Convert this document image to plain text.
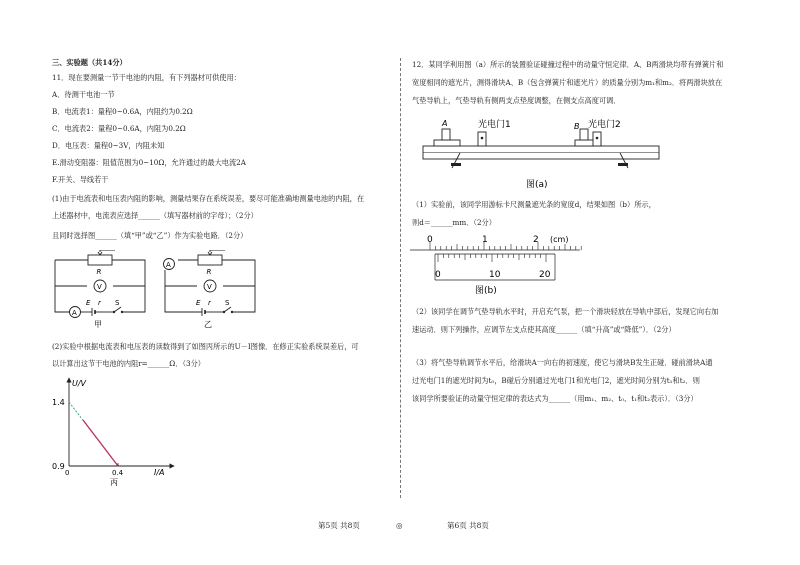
三、实验题（共14分）
11．现在要测量一节干电池的内阻，有下列器材可供使用：
A．待测干电池一节
B．电流表1：量程0~0.6A，内阻约为0.2Ω
C．电流表2：量程0~0.6A，内阻为0.2Ω
D．电压表：量程0~3V，内阻未知
E.滑动变阻器：阻值范围为0~10Ω，允许通过的最大电流2A
F.开关、导线若干
(1)由于电流表和电压表内阻的影响，测量结果存在系统误差，要尽可能准确地测量电池的内阻，在
上述器材中，电流表应选择______（填写器材前的字母）；（2分）
且同时选择图______（填“甲”或“乙”）作为实验电路．（2分）
R
V
A
E r S
甲
A
R
V
E r S
乙
(2)实验中根据电流表和电压表的读数得到了如图丙所示的U－I图像．在修正实验系统误差后，可
以计算出这节干电池的内阻r=______Ω．（3分）
U/V
1.4
0.9
0	0.4	I/A
丙
12．某同学利用图（a）所示的装置验证碰撞过程中的动量守恒定律．A、B两滑块均带有弹簧片和
宽度相同的遮光片，测得滑块A、B（包含弹簧片和遮光片）的质量分别为m₁和m₂．将两滑块放在
气垫导轨上，气垫导轨有侧两支点垫度调整，在侧支点高度可调．
A	B
光电门1	光电门2
图(a)
（1）实验前，该同学用游标卡尺测量遮光条的宽度d，结果如图（b）所示，
则d＝______mm．（2分）
0	1	2 (cm)
0	10	20
图(b)
（2）该同学在调节气垫导轨水平时，开启充气泵，把一个滑块轻放在导轨中部后，发现它向右加
速运动．则下列操作，应调节左支点使其高度______（填“升高”或“降低”）．（2分）
（3）将气垫导轨调节水平后，给滑块A一向右的初速度，使它与滑块B发生正碰．碰前滑块A通
过光电门1的遮光时间为t₀，B碰后分别通过光电门1和光电门2，遮光时间分别为t₁和t₂．则
该同学所要验证的动量守恒定律的表达式为______（用m₁、m₂、t₀、t₁和t₂表示）．（3分）
第5页 共8页	◎	第6页 共8页
